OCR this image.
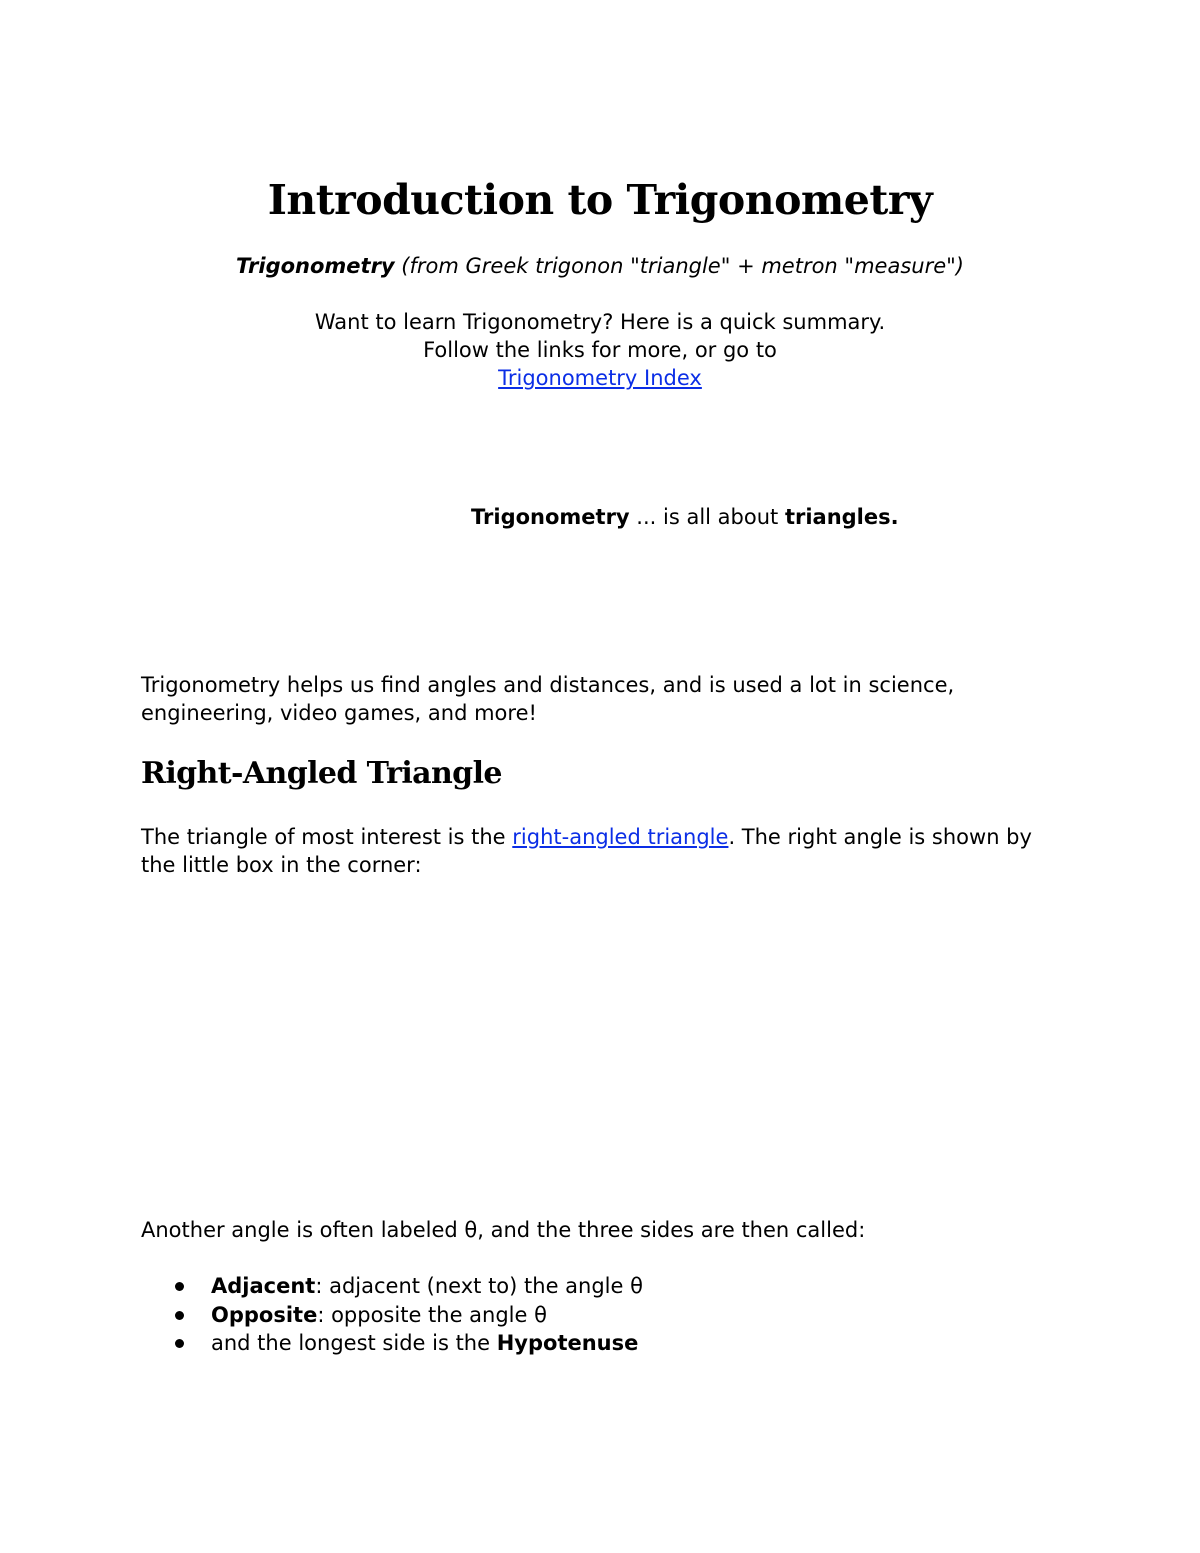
Introduction to Trigonometry

Trigonometry (from Greek trigonon "triangle" + metron "measure")

Want to learn Trigonometry? Here is a quick summary.
Follow the links for more, or go to
Trigonometry Index

Trigonometry ... is all about triangles.

Trigonometry helps us find angles and distances, and is used a lot in science, engineering, video games, and more!

Right-Angled Triangle

The triangle of most interest is the right-angled triangle. The right angle is shown by the little box in the corner:

Another angle is often labeled θ, and the three sides are then called:

Adjacent: adjacent (next to) the angle θ
Opposite: opposite the angle θ
and the longest side is the Hypotenuse
